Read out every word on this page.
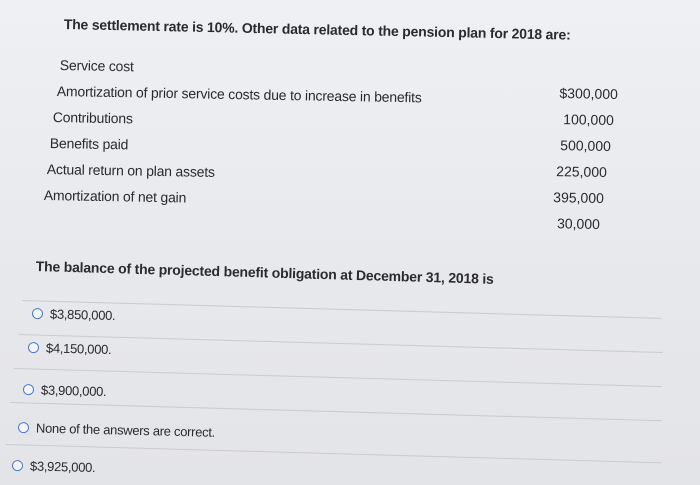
The settlement rate is 10%. Other data related to the pension plan for 2018 are:
Service cost
Amortization of prior service costs due to increase in benefits
Contributions
Benefits paid
Actual return on plan assets
Amortization of net gain
$300,000
100,000
500,000
225,000
395,000
30,000
The balance of the projected benefit obligation at December 31, 2018 is
$3,850,000.
$4,150,000.
$3,900,000.
None of the answers are correct.
$3,925,000.
